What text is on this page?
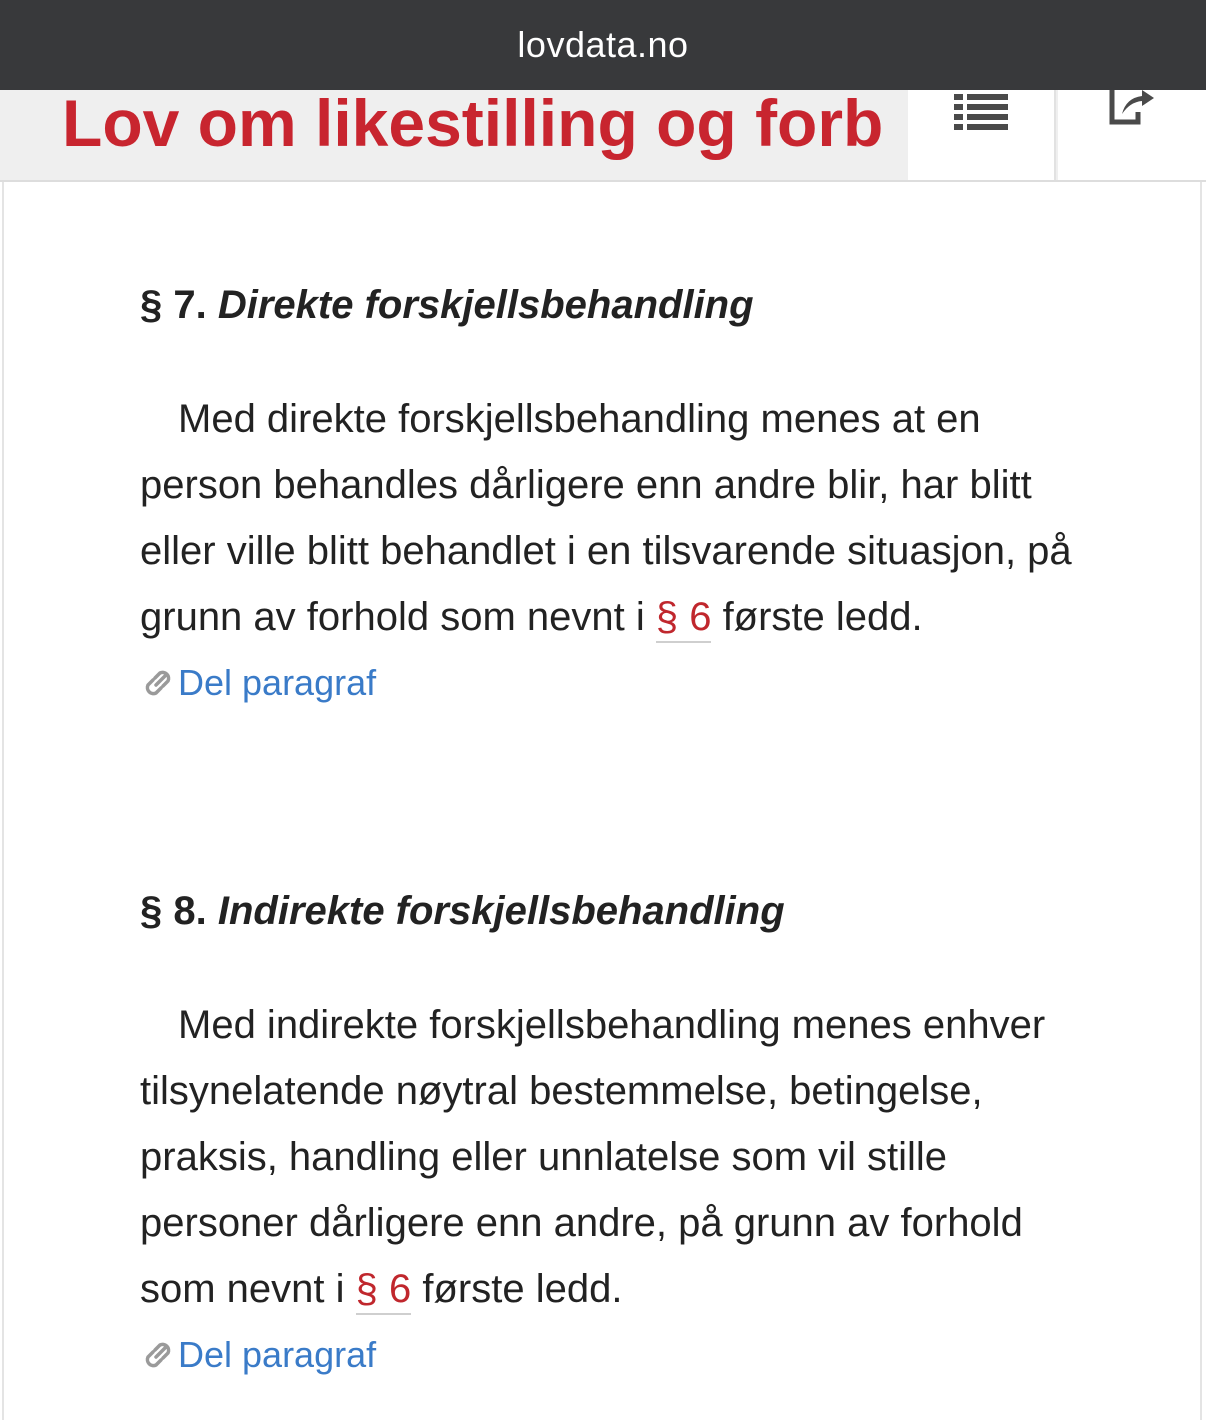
lovdata.no
Lov om likestilling og forb
§ 7. Direkte forskjellsbehandling

Med direkte forskjellsbehandling menes at en person behandles dårligere enn andre blir, har blitt eller ville blitt behandlet i en tilsvarende situasjon, på grunn av forhold som nevnt i § 6 første ledd.

Del paragraf
§ 8. Indirekte forskjellsbehandling

Med indirekte forskjellsbehandling menes enhver tilsynelatende nøytral bestemmelse, betingelse, praksis, handling eller unnlatelse som vil stille personer dårligere enn andre, på grunn av forhold som nevnt i § 6 første ledd.

Del paragraf
